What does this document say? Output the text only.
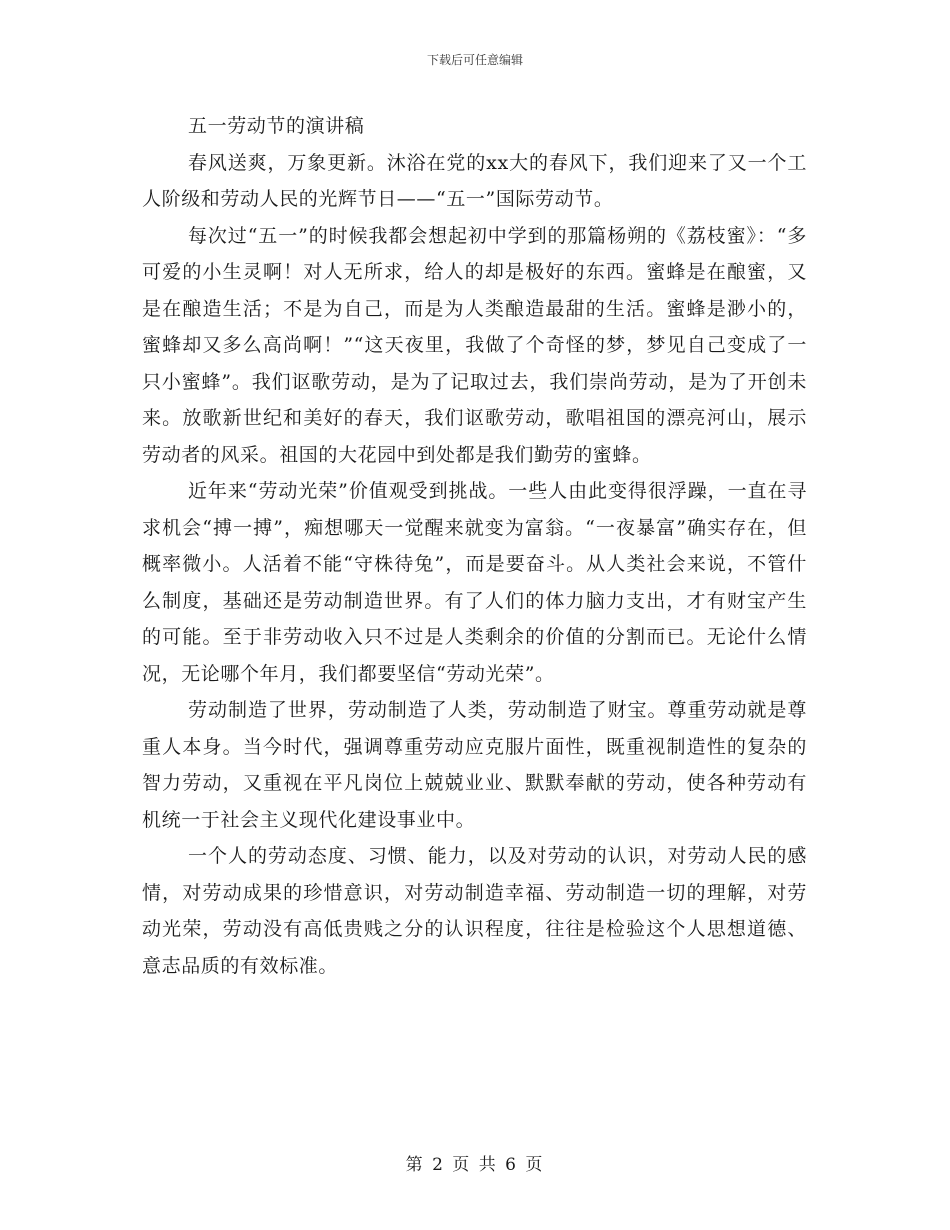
下载后可任意编辑

五一劳动节的演讲稿

春风送爽，万象更新。沐浴在党的xx大的春风下，我们迎来了又一个工人阶级和劳动人民的光辉节日——“五一”国际劳动节。

每次过“五一”的时候我都会想起初中学到的那篇杨朔的《荔枝蜜》：“多可爱的小生灵啊！对人无所求，给人的却是极好的东西。蜜蜂是在酿蜜，又是在酿造生活；不是为自己，而是为人类酿造最甜的生活。蜜蜂是渺小的，蜜蜂却又多么高尚啊！”“这天夜里，我做了个奇怪的梦，梦见自己变成了一只小蜜蜂”。我们讴歌劳动，是为了记取过去，我们崇尚劳动，是为了开创未来。放歌新世纪和美好的春天，我们讴歌劳动，歌唱祖国的漂亮河山，展示劳动者的风采。祖国的大花园中到处都是我们勤劳的蜜蜂。

近年来“劳动光荣”价值观受到挑战。一些人由此变得很浮躁，一直在寻求机会“搏一搏”，痴想哪天一觉醒来就变为富翁。“一夜暴富”确实存在，但概率微小。人活着不能“守株待兔”，而是要奋斗。从人类社会来说，不管什么制度，基础还是劳动制造世界。有了人们的体力脑力支出，才有财宝产生的可能。至于非劳动收入只不过是人类剩余的价值的分割而已。无论什么情况，无论哪个年月，我们都要坚信“劳动光荣”。

劳动制造了世界，劳动制造了人类，劳动制造了财宝。尊重劳动就是尊重人本身。当今时代，强调尊重劳动应克服片面性，既重视制造性的复杂的智力劳动，又重视在平凡岗位上兢兢业业、默默奉献的劳动，使各种劳动有机统一于社会主义现代化建设事业中。

一个人的劳动态度、习惯、能力，以及对劳动的认识，对劳动人民的感情，对劳动成果的珍惜意识，对劳动制造幸福、劳动制造一切的理解，对劳动光荣，劳动没有高低贵贱之分的认识程度，往往是检验这个人思想道德、意志品质的有效标准。

第 2 页 共 6 页
